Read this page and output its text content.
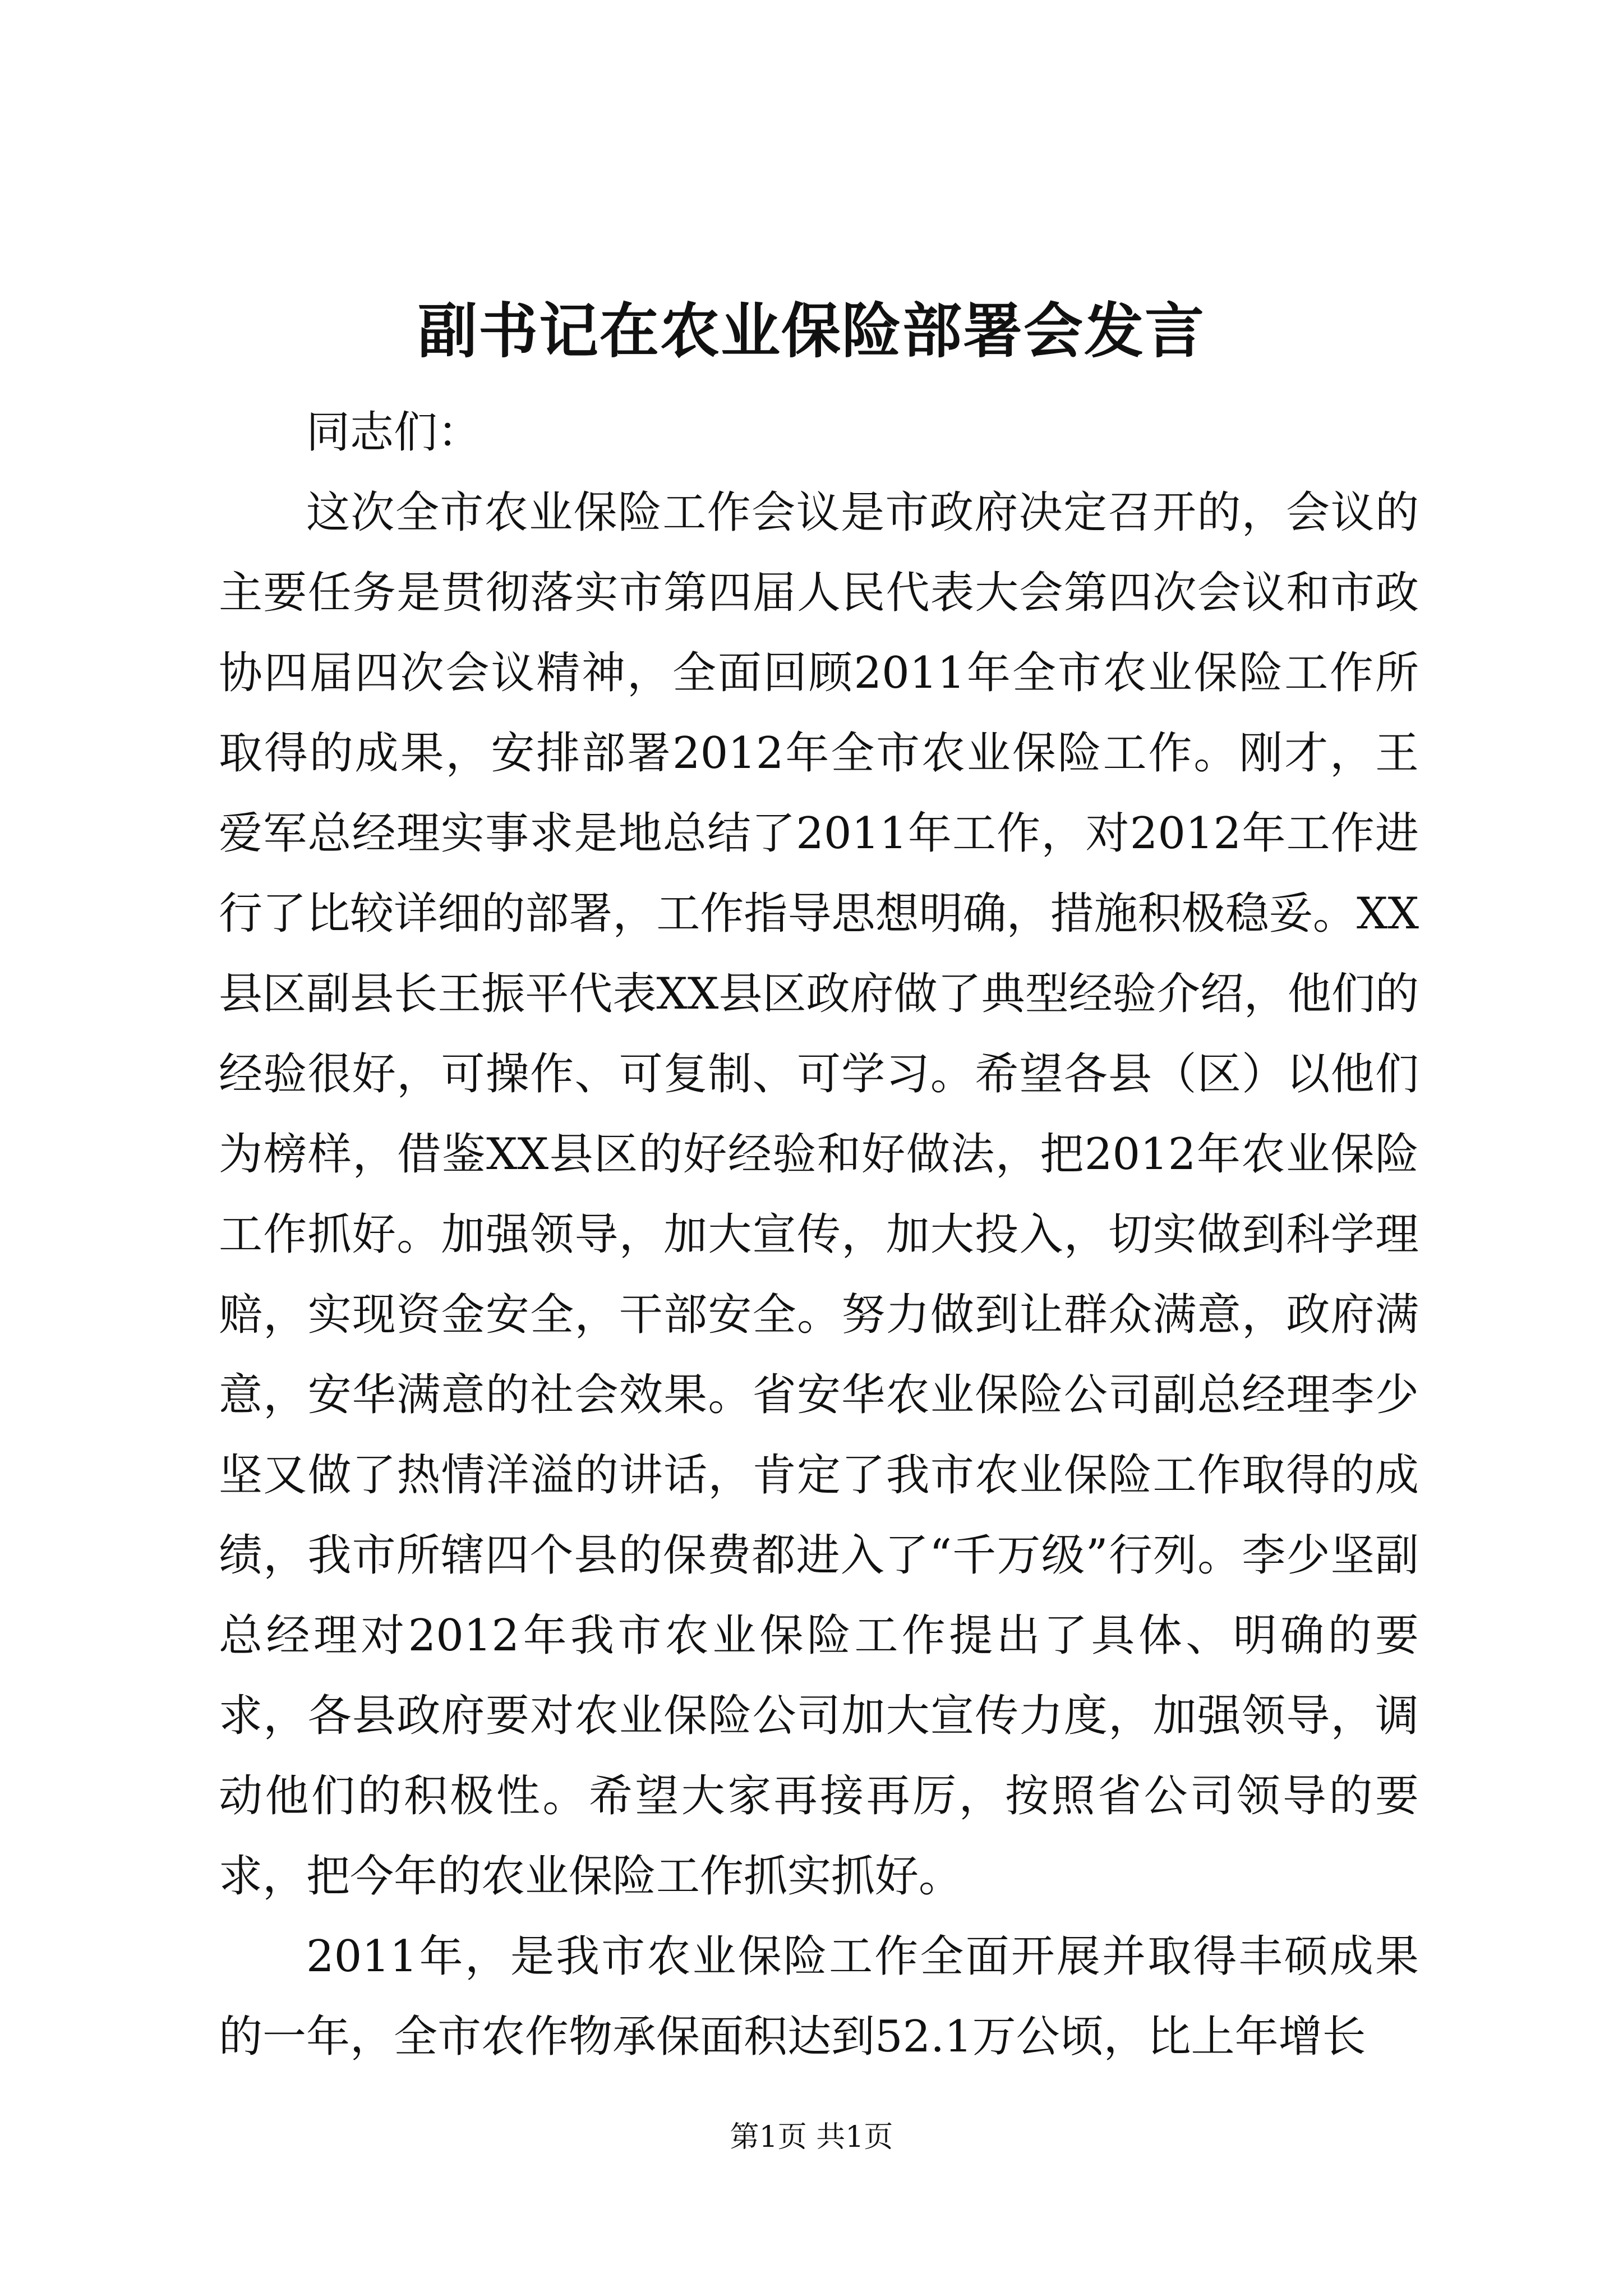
副书记在农业保险部署会发言

同志们：

这次全市农业保险工作会议是市政府决定召开的，会议的主要任务是贯彻落实市第四届人民代表大会第四次会议和市政协四届四次会议精神，全面回顾2011年全市农业保险工作所取得的成果，安排部署2012年全市农业保险工作。刚才，王爱军总经理实事求是地总结了2011年工作，对2012年工作进行了比较详细的部署，工作指导思想明确，措施积极稳妥。XX县区副县长王振平代表XX县区政府做了典型经验介绍，他们的经验很好，可操作、可复制、可学习。希望各县（区）以他们为榜样，借鉴XX县区的好经验和好做法，把2012年农业保险工作抓好。加强领导，加大宣传，加大投入，切实做到科学理赔，实现资金安全，干部安全。努力做到让群众满意，政府满意，安华满意的社会效果。省安华农业保险公司副总经理李少坚又做了热情洋溢的讲话，肯定了我市农业保险工作取得的成绩，我市所辖四个县的保费都进入了“千万级”行列。李少坚副总经理对2012年我市农业保险工作提出了具体、明确的要求，各县政府要对农业保险公司加大宣传力度，加强领导，调动他们的积极性。希望大家再接再厉，按照省公司领导的要求，把今年的农业保险工作抓实抓好。

2011年，是我市农业保险工作全面开展并取得丰硕成果的一年，全市农作物承保面积达到52.1万公顷，比上年增长

第1页 共1页
